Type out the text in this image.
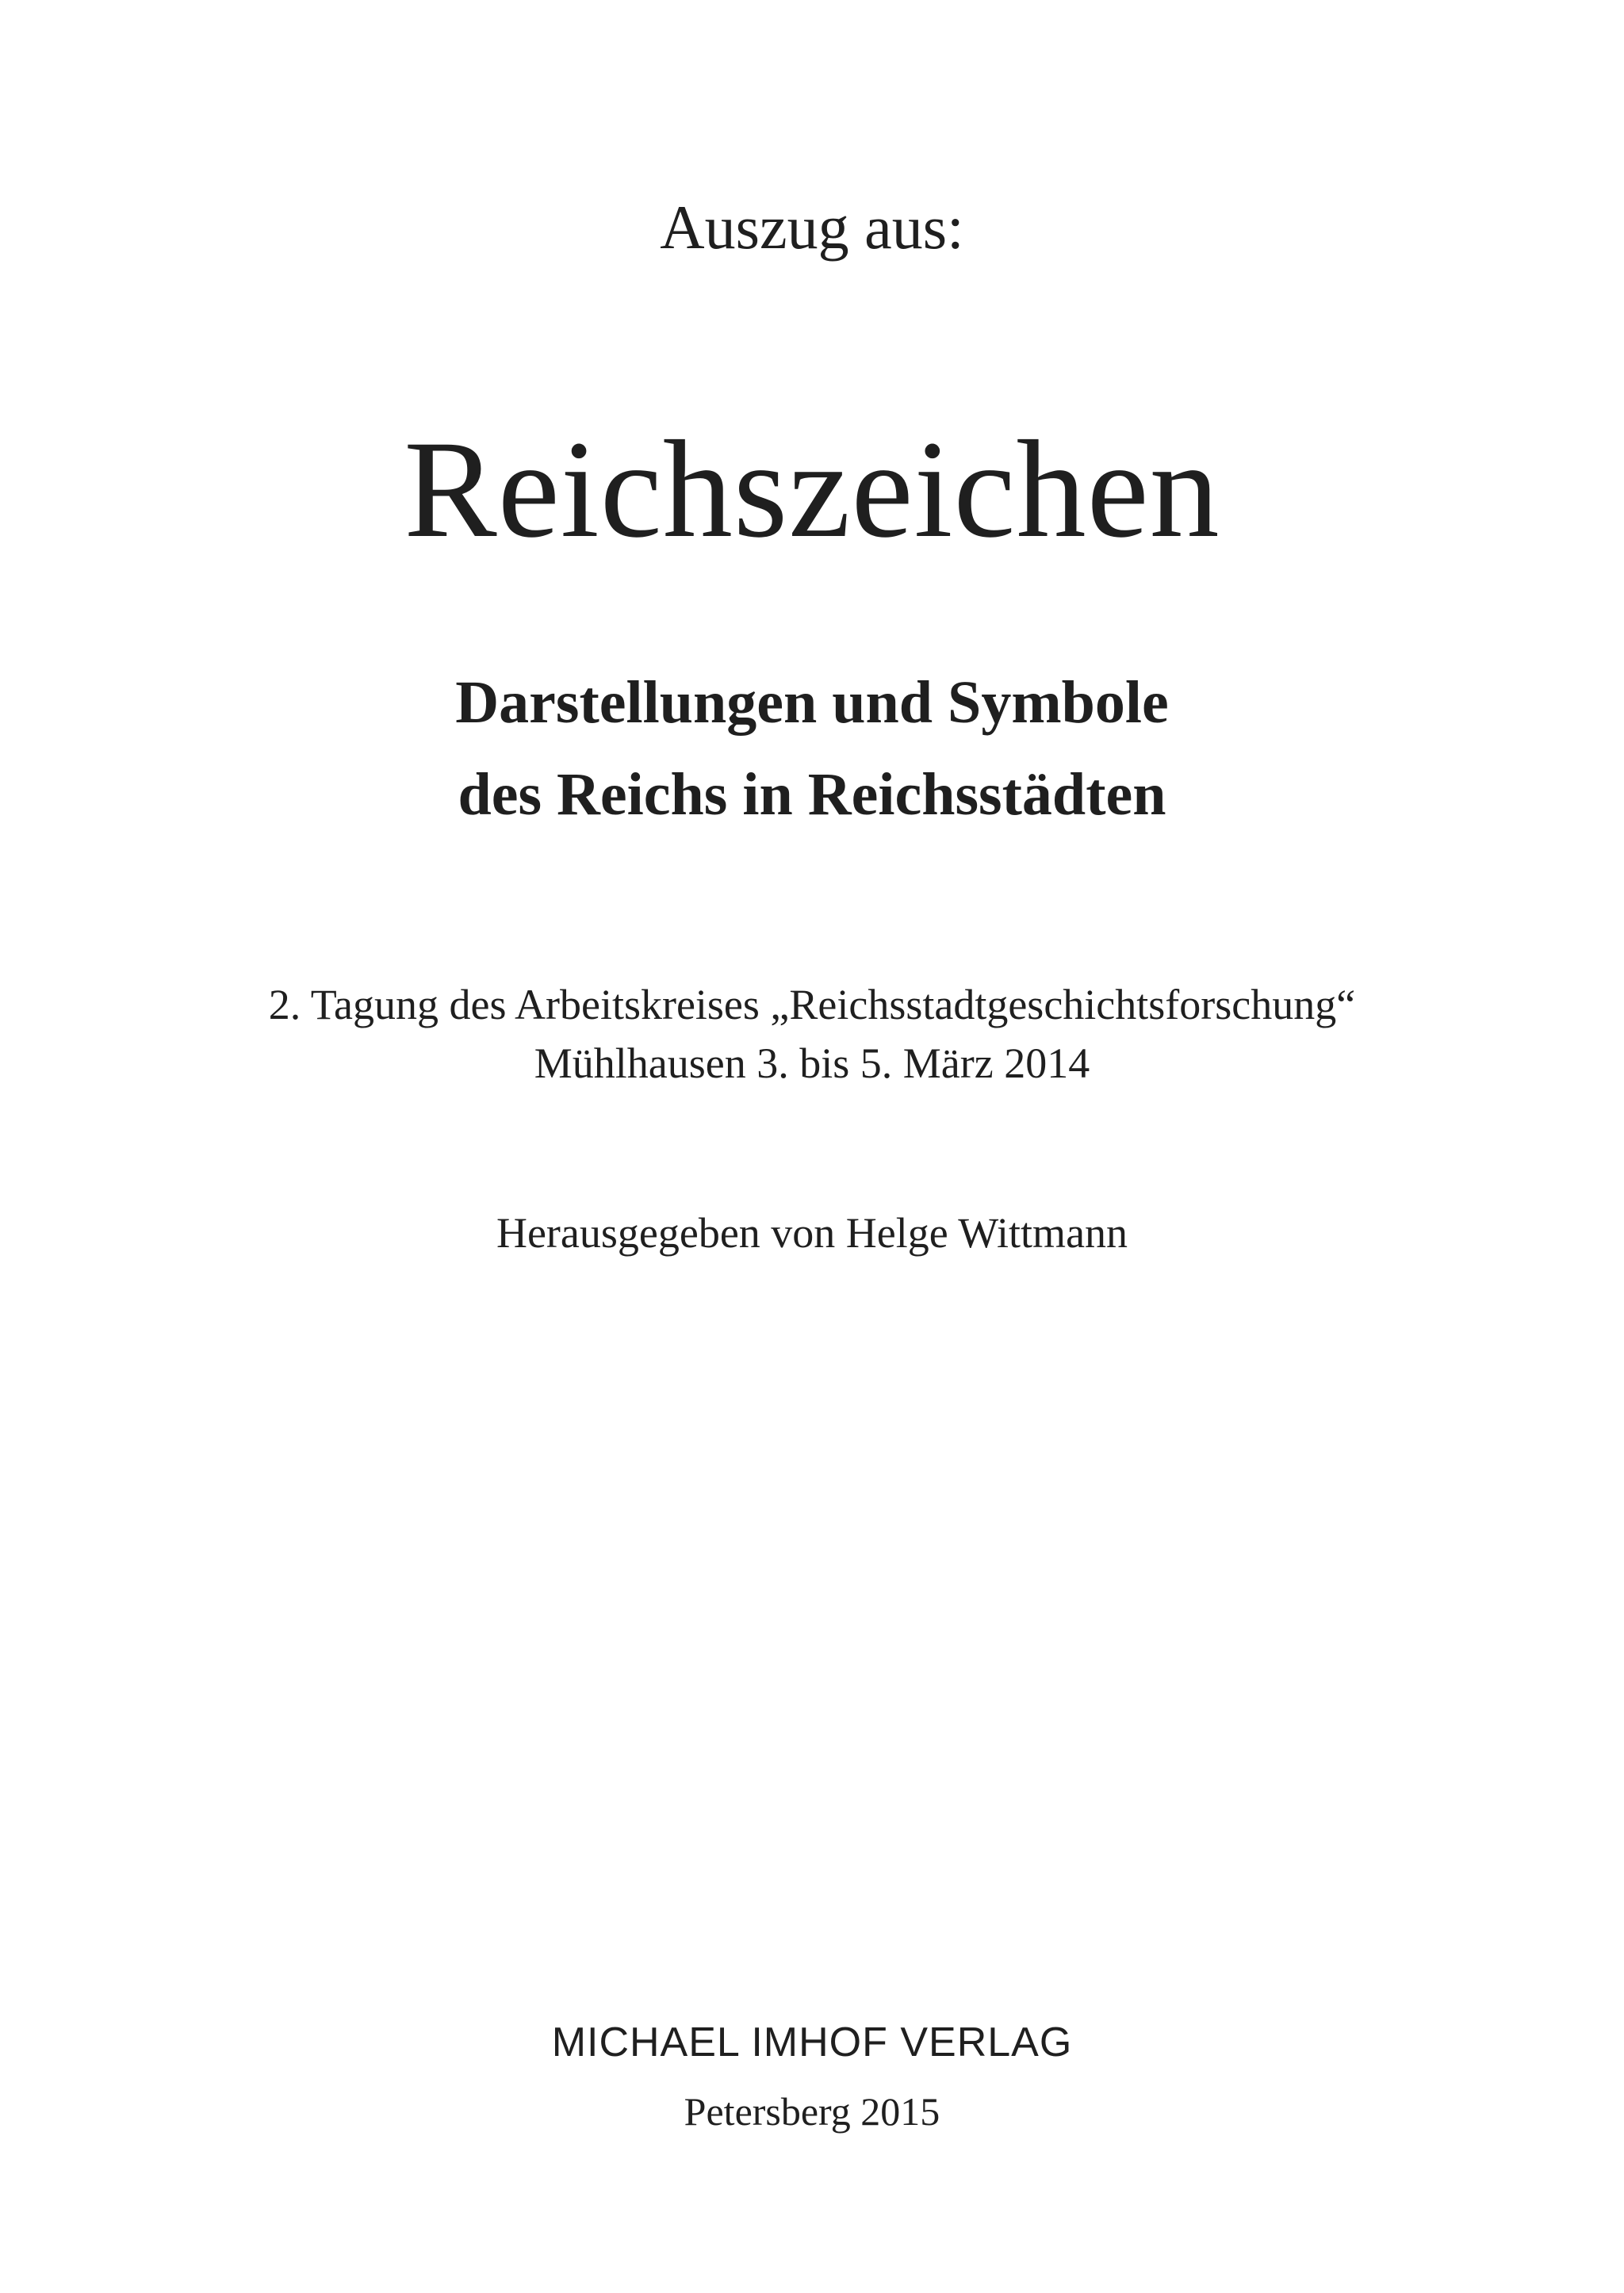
Auszug aus:
Reichszeichen
Darstellungen und Symbole
des Reichs in Reichsstädten
2. Tagung des Arbeitskreises „Reichsstadtgeschichtsforschung“
Mühlhausen 3. bis 5. März 2014
Herausgegeben von Helge Wittmann
MICHAEL IMHOF VERLAG
Petersberg 2015
